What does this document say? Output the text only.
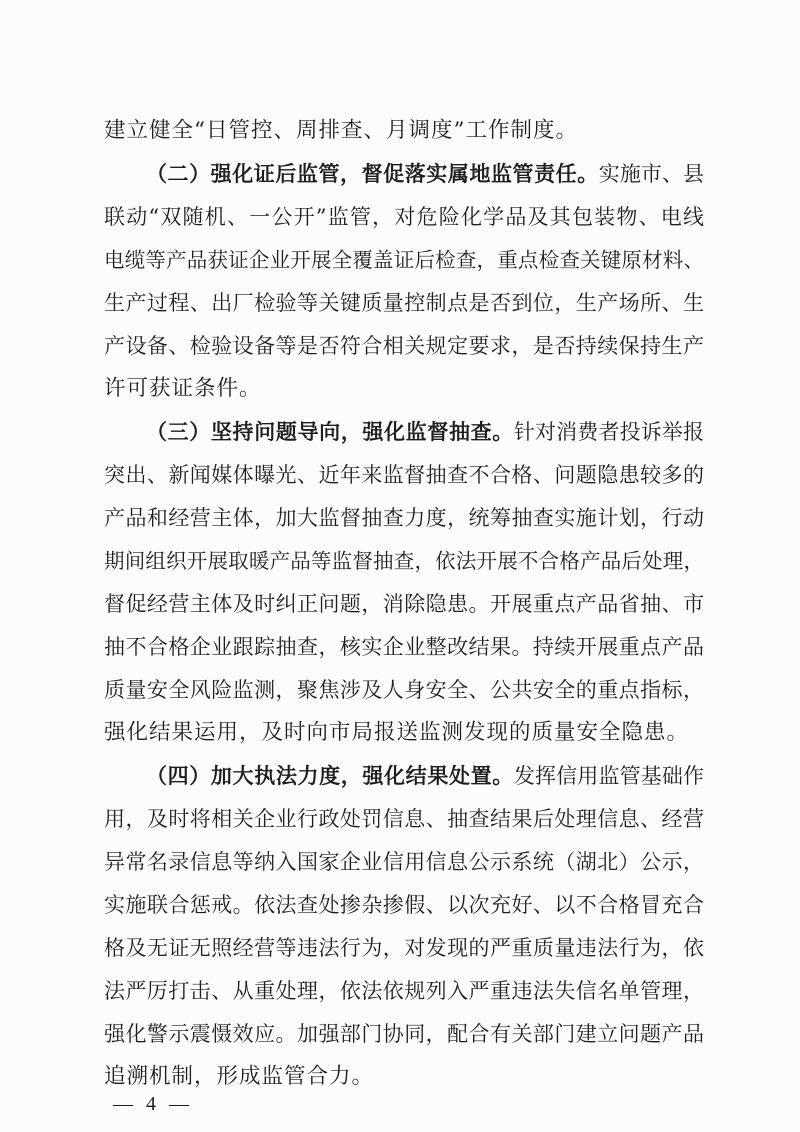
建立健全“日管控、周排查、月调度”工作制度。
（二）强化证后监管，督促落实属地监管责任。实施市、县
联动“双随机、一公开”监管，对危险化学品及其包装物、电线
电缆等产品获证企业开展全覆盖证后检查，重点检查关键原材料、
生产过程、出厂检验等关键质量控制点是否到位，生产场所、生
产设备、检验设备等是否符合相关规定要求，是否持续保持生产
许可获证条件。
（三）坚持问题导向，强化监督抽查。针对消费者投诉举报
突出、新闻媒体曝光、近年来监督抽查不合格、问题隐患较多的
产品和经营主体，加大监督抽查力度，统筹抽查实施计划，行动
期间组织开展取暖产品等监督抽查，依法开展不合格产品后处理，
督促经营主体及时纠正问题，消除隐患。开展重点产品省抽、市
抽不合格企业跟踪抽查，核实企业整改结果。持续开展重点产品
质量安全风险监测，聚焦涉及人身安全、公共安全的重点指标，
强化结果运用，及时向市局报送监测发现的质量安全隐患。
（四）加大执法力度，强化结果处置。发挥信用监管基础作
用，及时将相关企业行政处罚信息、抽查结果后处理信息、经营
异常名录信息等纳入国家企业信用信息公示系统（湖北）公示，
实施联合惩戒。依法查处掺杂掺假、以次充好、以不合格冒充合
格及无证无照经营等违法行为，对发现的严重质量违法行为，依
法严厉打击、从重处理，依法依规列入严重违法失信名单管理，
强化警示震慑效应。加强部门协同，配合有关部门建立问题产品
追溯机制，形成监管合力。
— 4 —
